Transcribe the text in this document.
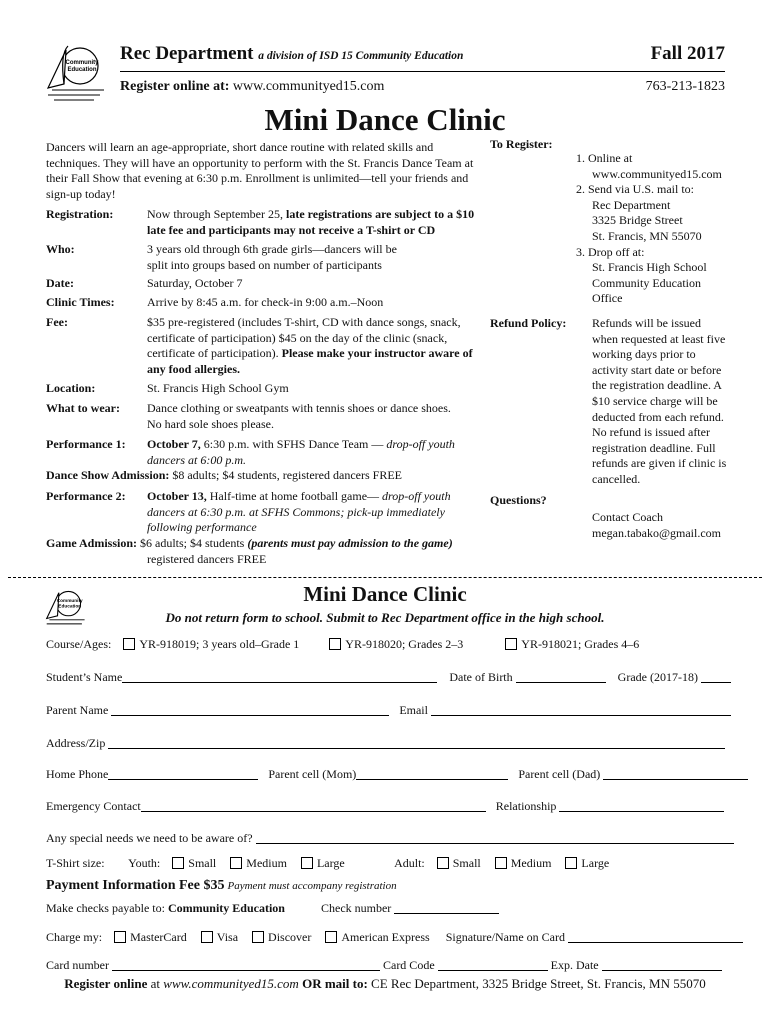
Community
Education
Rec Department a division of ISD 15 Community Education	Fall 2017
Register online at: www.communityed15.com	763-213-1823
Mini Dance Clinic
Dancers will learn an age-appropriate, short dance routine with related skills and techniques. They will have an opportunity to perform with the St. Francis Dance Team at their Fall Show that evening at 6:30 p.m. Enrollment is unlimited—tell your friends and sign-up today!
Registration:	Now through September 25, late registrations are subject to a $10 late fee and participants may not receive a T-shirt or CD
Who:	3 years old through 6th grade girls—dancers will be split into groups based on number of participants
Date:	Saturday, October 7
Clinic Times:	Arrive by 8:45 a.m. for check-in 9:00 a.m.–Noon
Fee:	$35 pre-registered (includes T-shirt, CD with dance songs, snack, certificate of participation) $45 on the day of the clinic (snack, certificate of participation). Please make your instructor aware of any food allergies.
Location:	St. Francis High School Gym
What to wear: Dance clothing or sweatpants with tennis shoes or dance shoes. No hard sole shoes please.
Performance 1: October 7, 6:30 p.m. with SFHS Dance Team — drop-off youth dancers at 6:00 p.m.
Dance Show Admission: $8 adults; $4 students, registered dancers FREE
Performance 2: October 13, Half-time at home football game— drop-off youth dancers at 6:30 p.m. at SFHS Commons; pick-up immediately following performance
Game Admission: $6 adults; $4 students (parents must pay admission to the game)
registered dancers FREE
To Register:
1. Online at
www.communityed15.com
2. Send via U.S. mail to:
Rec Department
3325 Bridge Street
St. Francis, MN 55070
3. Drop off at:
St. Francis High School
Community Education
Office
Refund Policy: Refunds will be issued when requested at least five working days prior to activity start date or before the registration deadline. A $10 service charge will be deducted from each refund. No refund is issued after registration deadline. Full refunds are given if clinic is cancelled.
Questions?
Contact Coach
megan.tabako@gmail.com
Community
Education
Mini Dance Clinic
Do not return form to school. Submit to Rec Department office in the high school.
Course/Ages: YR-918019; 3 years old–Grade 1	YR-918020; Grades 2–3	YR-918021; Grades 4–6
Student’s Name	Date of Birth	Grade (2017-18)
Parent Name	Email
Address/Zip
Home Phone	Parent cell (Mom)	Parent cell (Dad)
Emergency Contact	Relationship
Any special needs we need to be aware of?
T-Shirt size: Youth: Small	Medium	Large	Adult: Small	Medium	Large
Payment Information Fee $35 Payment must accompany registration
Make checks payable to: Community Education	Check number
Charge my: MasterCard	Visa	Discover	American Express Signature/Name on Card
Card number	Card Code	Exp. Date
Register online at www.communityed15.com OR mail to: CE Rec Department, 3325 Bridge Street, St. Francis, MN 55070
